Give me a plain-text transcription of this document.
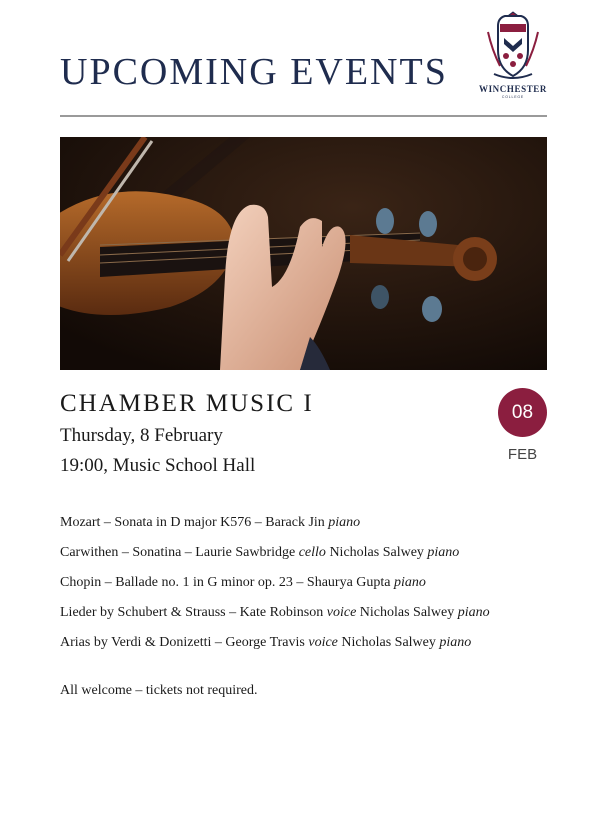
UPCOMING EVENTS	WINCHESTER
COLLEGE
CHAMBER MUSIC I
Thursday, 8 February
19:00, Music School Hall
08
FEB
Mozart – Sonata in D major K576 – Barack Jin piano
Carwithen – Sonatina – Laurie Sawbridge cello Nicholas Salwey piano
Chopin – Ballade no. 1 in G minor op. 23 – Shaurya Gupta piano
Lieder by Schubert & Strauss – Kate Robinson voice Nicholas Salwey piano
Arias by Verdi & Donizetti – George Travis voice Nicholas Salwey piano
All welcome – tickets not required.
